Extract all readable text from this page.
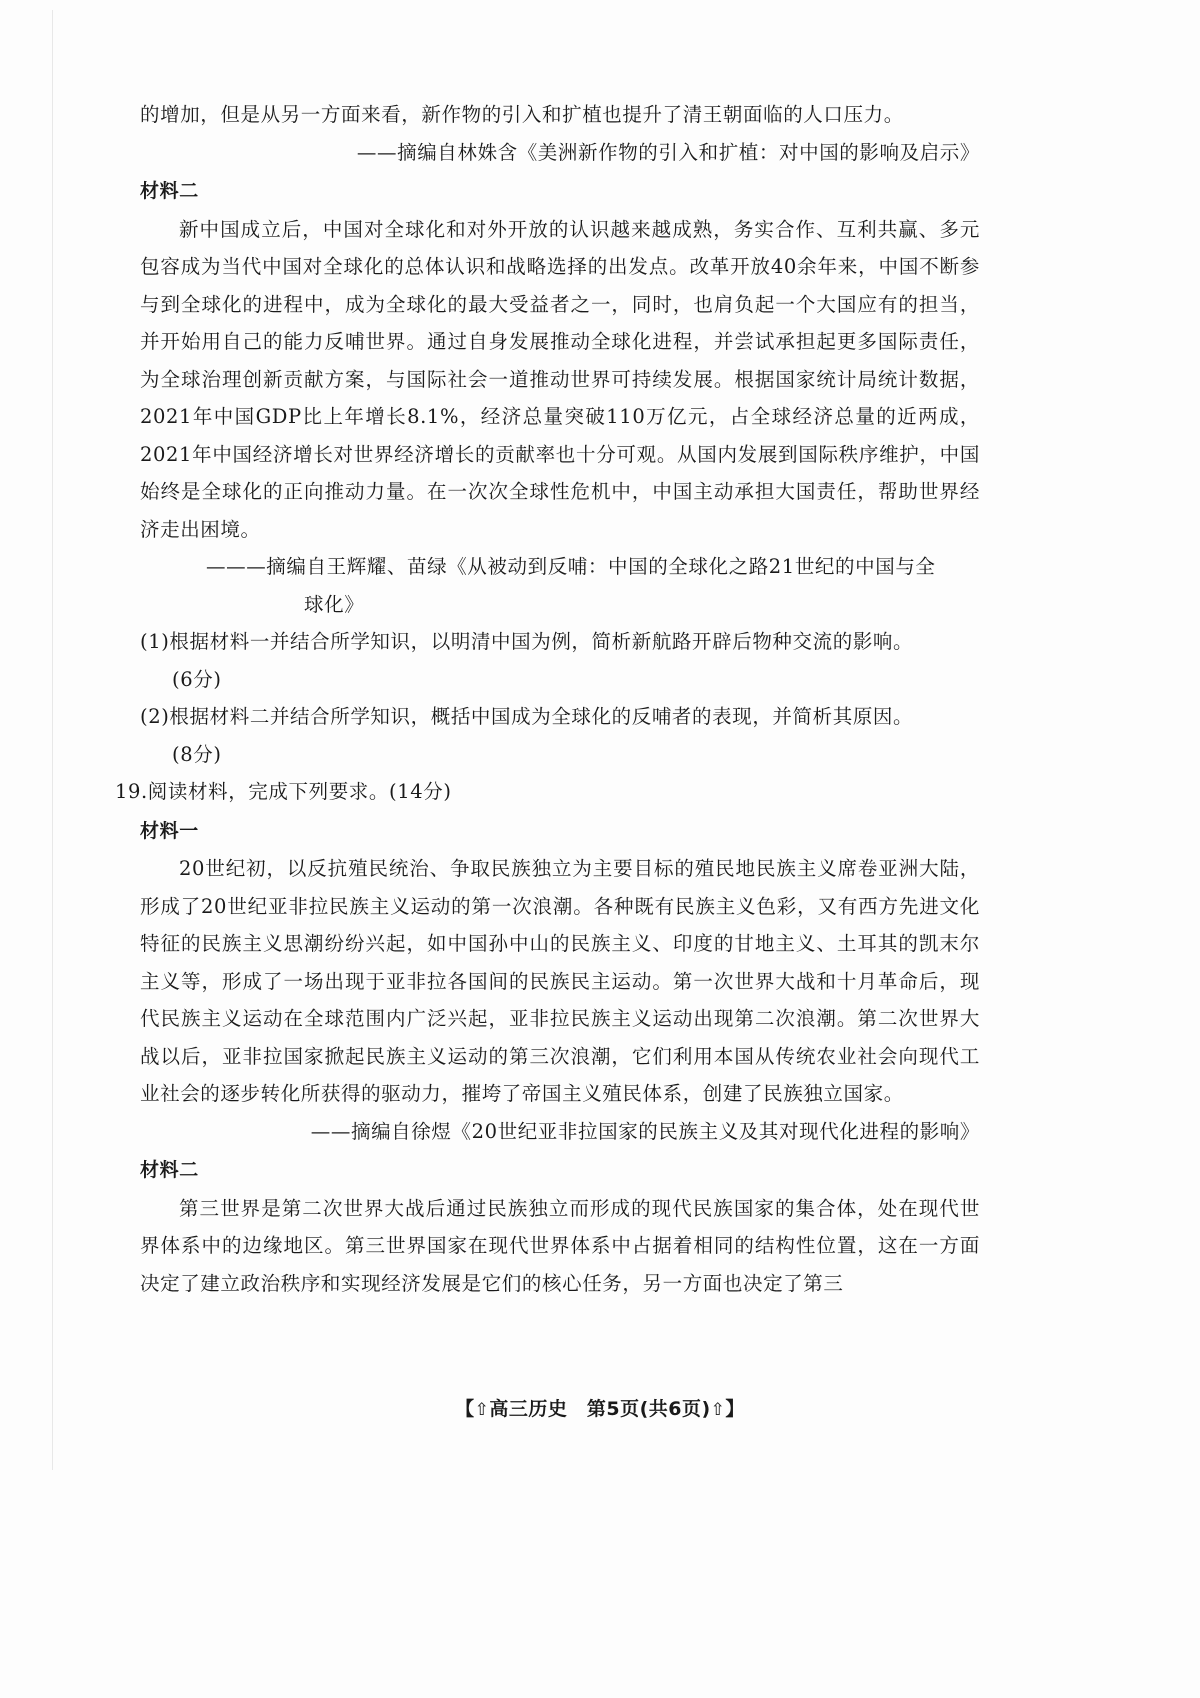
的增加，但是从另一方面来看，新作物的引入和扩植也提升了清王朝面临的人口压力。

——摘编自林姝含《美洲新作物的引入和扩植：对中国的影响及启示》

材料二

新中国成立后，中国对全球化和对外开放的认识越来越成熟，务实合作、互利共赢、多元包容成为当代中国对全球化的总体认识和战略选择的出发点。改革开放40余年来，中国不断参与到全球化的进程中，成为全球化的最大受益者之一，同时，也肩负起一个大国应有的担当，并开始用自己的能力反哺世界。通过自身发展推动全球化进程，并尝试承担起更多国际责任，为全球治理创新贡献方案，与国际社会一道推动世界可持续发展。根据国家统计局统计数据，2021年中国GDP比上年增长8.1%，经济总量突破110万亿元，占全球经济总量的近两成，2021年中国经济增长对世界经济增长的贡献率也十分可观。从国内发展到国际秩序维护，中国始终是全球化的正向推动力量。在一次次全球性危机中，中国主动承担大国责任，帮助世界经济走出困境。

———摘编自王辉耀、苗绿《从被动到反哺：中国的全球化之路21世纪的中国与全
球化》

(1)根据材料一并结合所学知识，以明清中国为例，简析新航路开辟后物种交流的影响。
(6分)

(2)根据材料二并结合所学知识，概括中国成为全球化的反哺者的表现，并简析其原因。
(8分)

19.阅读材料，完成下列要求。(14分)

材料一

20世纪初，以反抗殖民统治、争取民族独立为主要目标的殖民地民族主义席卷亚洲大陆，形成了20世纪亚非拉民族主义运动的第一次浪潮。各种既有民族主义色彩，又有西方先进文化特征的民族主义思潮纷纷兴起，如中国孙中山的民族主义、印度的甘地主义、土耳其的凯末尔主义等，形成了一场出现于亚非拉各国间的民族民主运动。第一次世界大战和十月革命后，现代民族主义运动在全球范围内广泛兴起，亚非拉民族主义运动出现第二次浪潮。第二次世界大战以后，亚非拉国家掀起民族主义运动的第三次浪潮，它们利用本国从传统农业社会向现代工业社会的逐步转化所获得的驱动力，摧垮了帝国主义殖民体系，创建了民族独立国家。

——摘编自徐煜《20世纪亚非拉国家的民族主义及其对现代化进程的影响》

材料二

第三世界是第二次世界大战后通过民族独立而形成的现代民族国家的集合体，处在现代世界体系中的边缘地区。第三世界国家在现代世界体系中占据着相同的结构性位置，这在一方面决定了建立政治秩序和实现经济发展是它们的核心任务，另一方面也决定了第三

【⇧高三历史　第5页(共6页)⇧】
